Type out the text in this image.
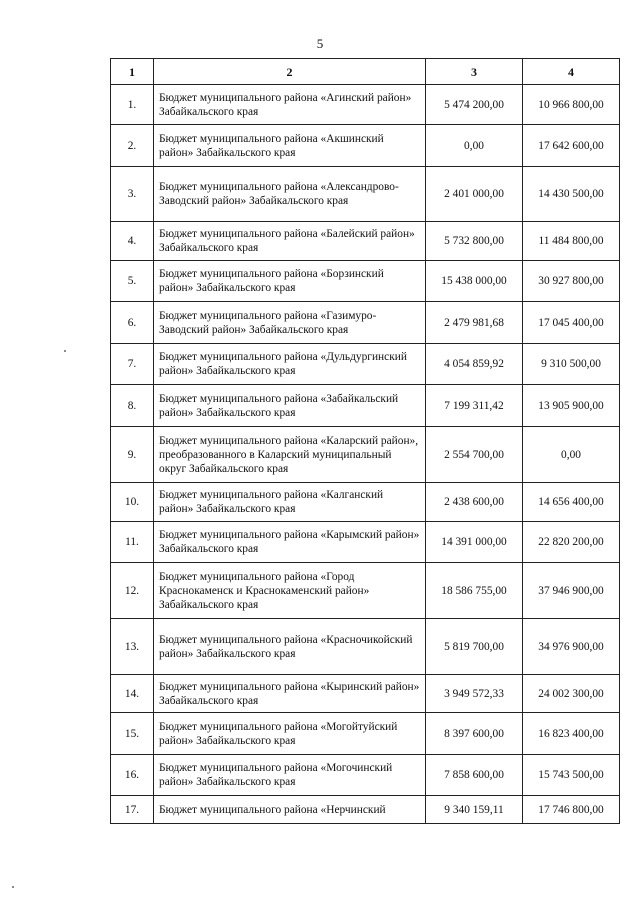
5
1	2	3	4
1.	Бюджет муниципального района «Агинский район» Забайкальского края	5 474 200,00	10 966 800,00
2.	Бюджет муниципального района «Акшинский район» Забайкальского края	0,00	17 642 600,00
3.	Бюджет муниципального района «Александрово-Заводский район» Забайкальского края	2 401 000,00	14 430 500,00
4.	Бюджет муниципального района «Балейский район» Забайкальского края	5 732 800,00	11 484 800,00
5.	Бюджет муниципального района «Борзинский район» Забайкальского края	15 438 000,00	30 927 800,00
6.	Бюджет муниципального района «Газимуро-Заводский район» Забайкальского края	2 479 981,68	17 045 400,00
7.	Бюджет муниципального района «Дульдургинский район» Забайкальского края	4 054 859,92	9 310 500,00
8.	Бюджет муниципального района «Забайкальский район» Забайкальского края	7 199 311,42	13 905 900,00
9.	Бюджет муниципального района «Каларский район», преобразованного в Каларский муниципальный округ Забайкальского края	2 554 700,00	0,00
10.	Бюджет муниципального района «Калганский район» Забайкальского края	2 438 600,00	14 656 400,00
11.	Бюджет муниципального района «Карымский район» Забайкальского края	14 391 000,00	22 820 200,00
12.	Бюджет муниципального района «Город Краснокаменск и Краснокаменский район» Забайкальского края	18 586 755,00	37 946 900,00
13.	Бюджет муниципального района «Красночикойский район» Забайкальского края	5 819 700,00	34 976 900,00
14.	Бюджет муниципального района «Кыринский район» Забайкальского края	3 949 572,33	24 002 300,00
15.	Бюджет муниципального района «Могойтуйский район» Забайкальского края	8 397 600,00	16 823 400,00
16.	Бюджет муниципального района «Могочинский район» Забайкальского края	7 858 600,00	15 743 500,00
17.	Бюджет муниципального района «Нерчинский	9 340 159,11	17 746 800,00
